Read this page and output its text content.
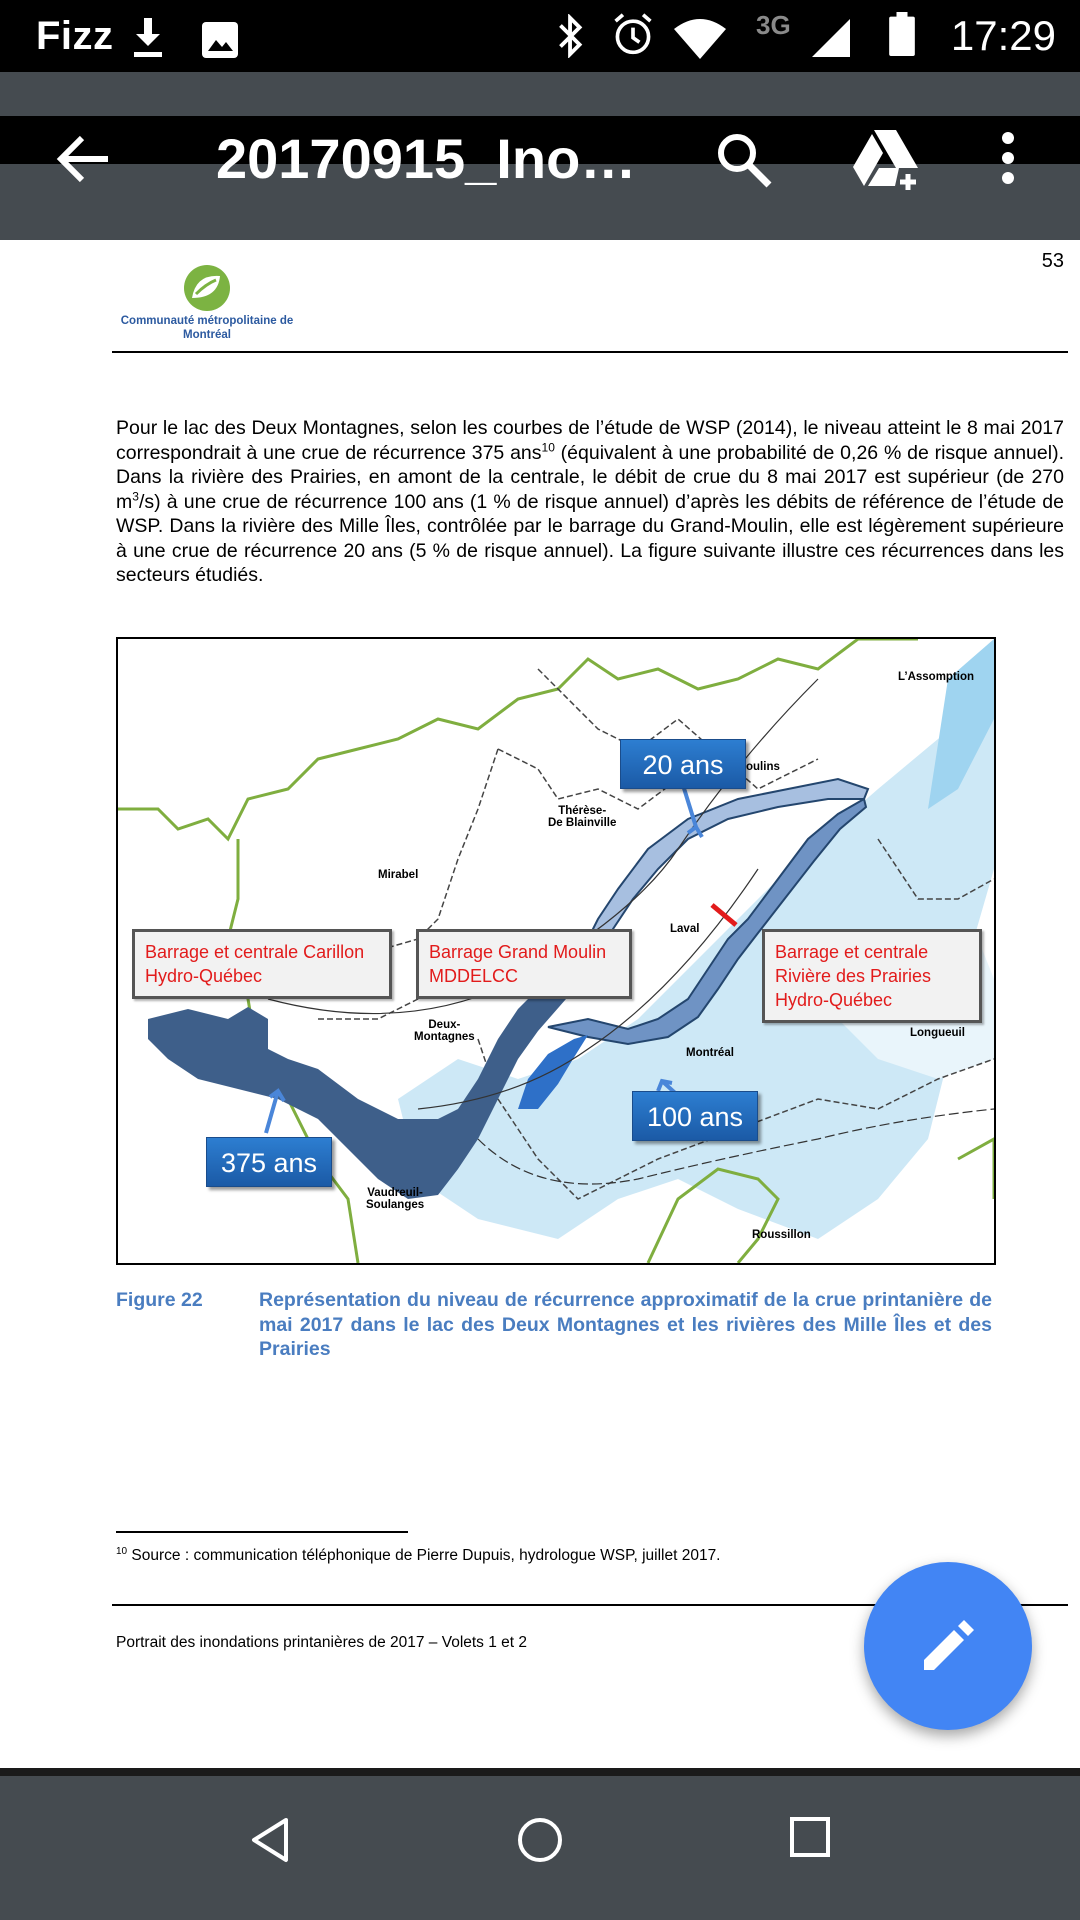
Fizz	3G	17:29
20170915_Ino…
53
Communauté métropolitaine de Montréal

Pour le lac des Deux Montagnes, selon les courbes de l’étude de WSP (2014), le niveau atteint le 8 mai 2017 correspondrait à une crue de récurrence 375 ans$^{10}$ (équivalent à une probabilité de 0,26 % de risque annuel). Dans la rivière des Prairies, en amont de la centrale, le débit de crue du 8 mai 2017 est supérieur (de 270 $m^3/s$) à une crue de récurrence 100 ans (1 % de risque annuel) d’après les débits de référence de l’étude de WSP. Dans la rivière des Mille Îles, contrôlée par le barrage du Grand-Moulin, elle est légèrement supérieure à une crue de récurrence 20 ans (5 % de risque annuel). La figure suivante illustre ces récurrences dans les secteurs étudiés.

L’Assomption
oulins
Thérèse-
De Blainville
Mirabel
Laval
Deux-
Montagnes
Montréal
Longueuil
Vaudreuil-
Soulanges
Roussillon
20 ans
100 ans
375 ans
Barrage et centrale Carillon
Hydro-Québec
Barrage Grand Moulin
MDDELCC
Barrage et centrale
Rivière des Prairies
Hydro-Québec
Figure 22	Représentation du niveau de récurrence approximatif de la crue printanière de mai 2017 dans le lac des Deux Montagnes et les rivières des Mille Îles et des Prairies
$^{10}$ Source : communication téléphonique de Pierre Dupuis, hydrologue WSP, juillet 2017.
Portrait des inondations printanières de 2017 – Volets 1 et 2
